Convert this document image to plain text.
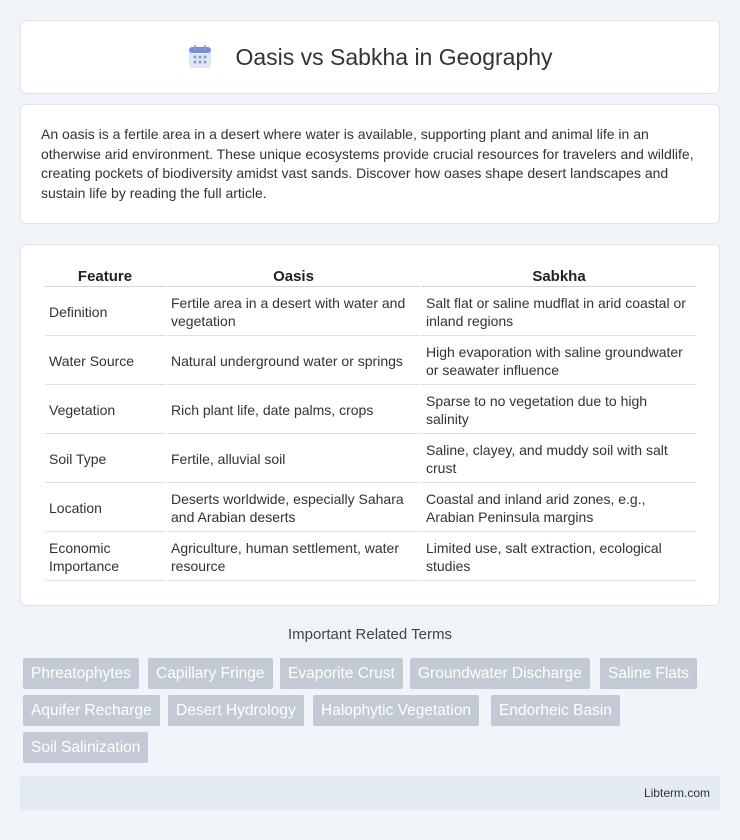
Oasis vs Sabkha in Geography

An oasis is a fertile area in a desert where water is available, supporting plant and animal life in an otherwise arid environment. These unique ecosystems provide crucial resources for travelers and wildlife, creating pockets of biodiversity amidst vast sands. Discover how oases shape desert landscapes and sustain life by reading the full article.

Feature	Oasis	Sabkha
Definition	Fertile area in a desert with water and vegetation	Salt flat or saline mudflat in arid coastal or inland regions
Water Source	Natural underground water or springs	High evaporation with saline groundwater or seawater influence
Vegetation	Rich plant life, date palms, crops	Sparse to no vegetation due to high salinity
Soil Type	Fertile, alluvial soil	Saline, clayey, and muddy soil with salt crust
Location	Deserts worldwide, especially Sahara and Arabian deserts	Coastal and inland arid zones, e.g., Arabian Peninsula margins
Economic Importance	Agriculture, human settlement, water resource	Limited use, salt extraction, ecological studies
Important Related Terms
Phreatophytes	Capillary Fringe	Evaporite Crust	Groundwater Discharge	Saline Flats
Aquifer Recharge	Desert Hydrology	Halophytic Vegetation	Endorheic Basin
Soil Salinization
Libterm.com
